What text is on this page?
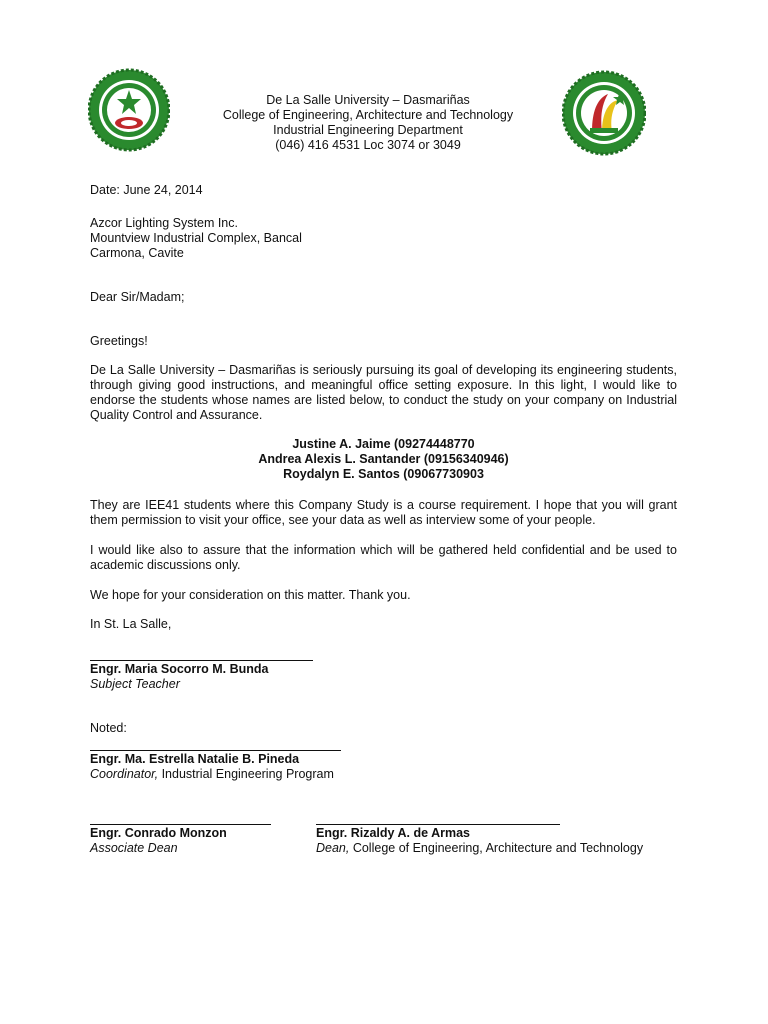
De La Salle University – Dasmariñas
College of Engineering, Architecture and Technology
Industrial Engineering Department
(046) 416 4531 Loc 3074 or 3049
Date: June 24, 2014
Azcor Lighting System Inc.
Mountview Industrial Complex, Bancal
Carmona, Cavite
Dear Sir/Madam;
Greetings!
De La Salle University – Dasmariñas is seriously pursuing its goal of developing its engineering students, through giving good instructions, and meaningful office setting exposure. In this light, I would like to endorse the students whose names are listed below, to conduct the study on your company on Industrial Quality Control and Assurance.
Justine A. Jaime (09274448770
Andrea Alexis L. Santander (09156340946)
Roydalyn E. Santos (09067730903
They are IEE41 students where this Company Study is a course requirement. I hope that you will grant them permission to visit your office, see your data as well as interview some of your people.
I would like also to assure that the information which will be gathered held confidential and be used to academic discussions only.
We hope for your consideration on this matter. Thank you.
In St. La Salle,
Engr. Maria Socorro M. Bunda
Subject Teacher
Noted:
Engr. Ma. Estrella Natalie B. Pineda
Coordinator, Industrial Engineering Program
Engr. Conrado Monzon
Associate Dean
Engr. Rizaldy A. de Armas
Dean, College of Engineering, Architecture and Technology
